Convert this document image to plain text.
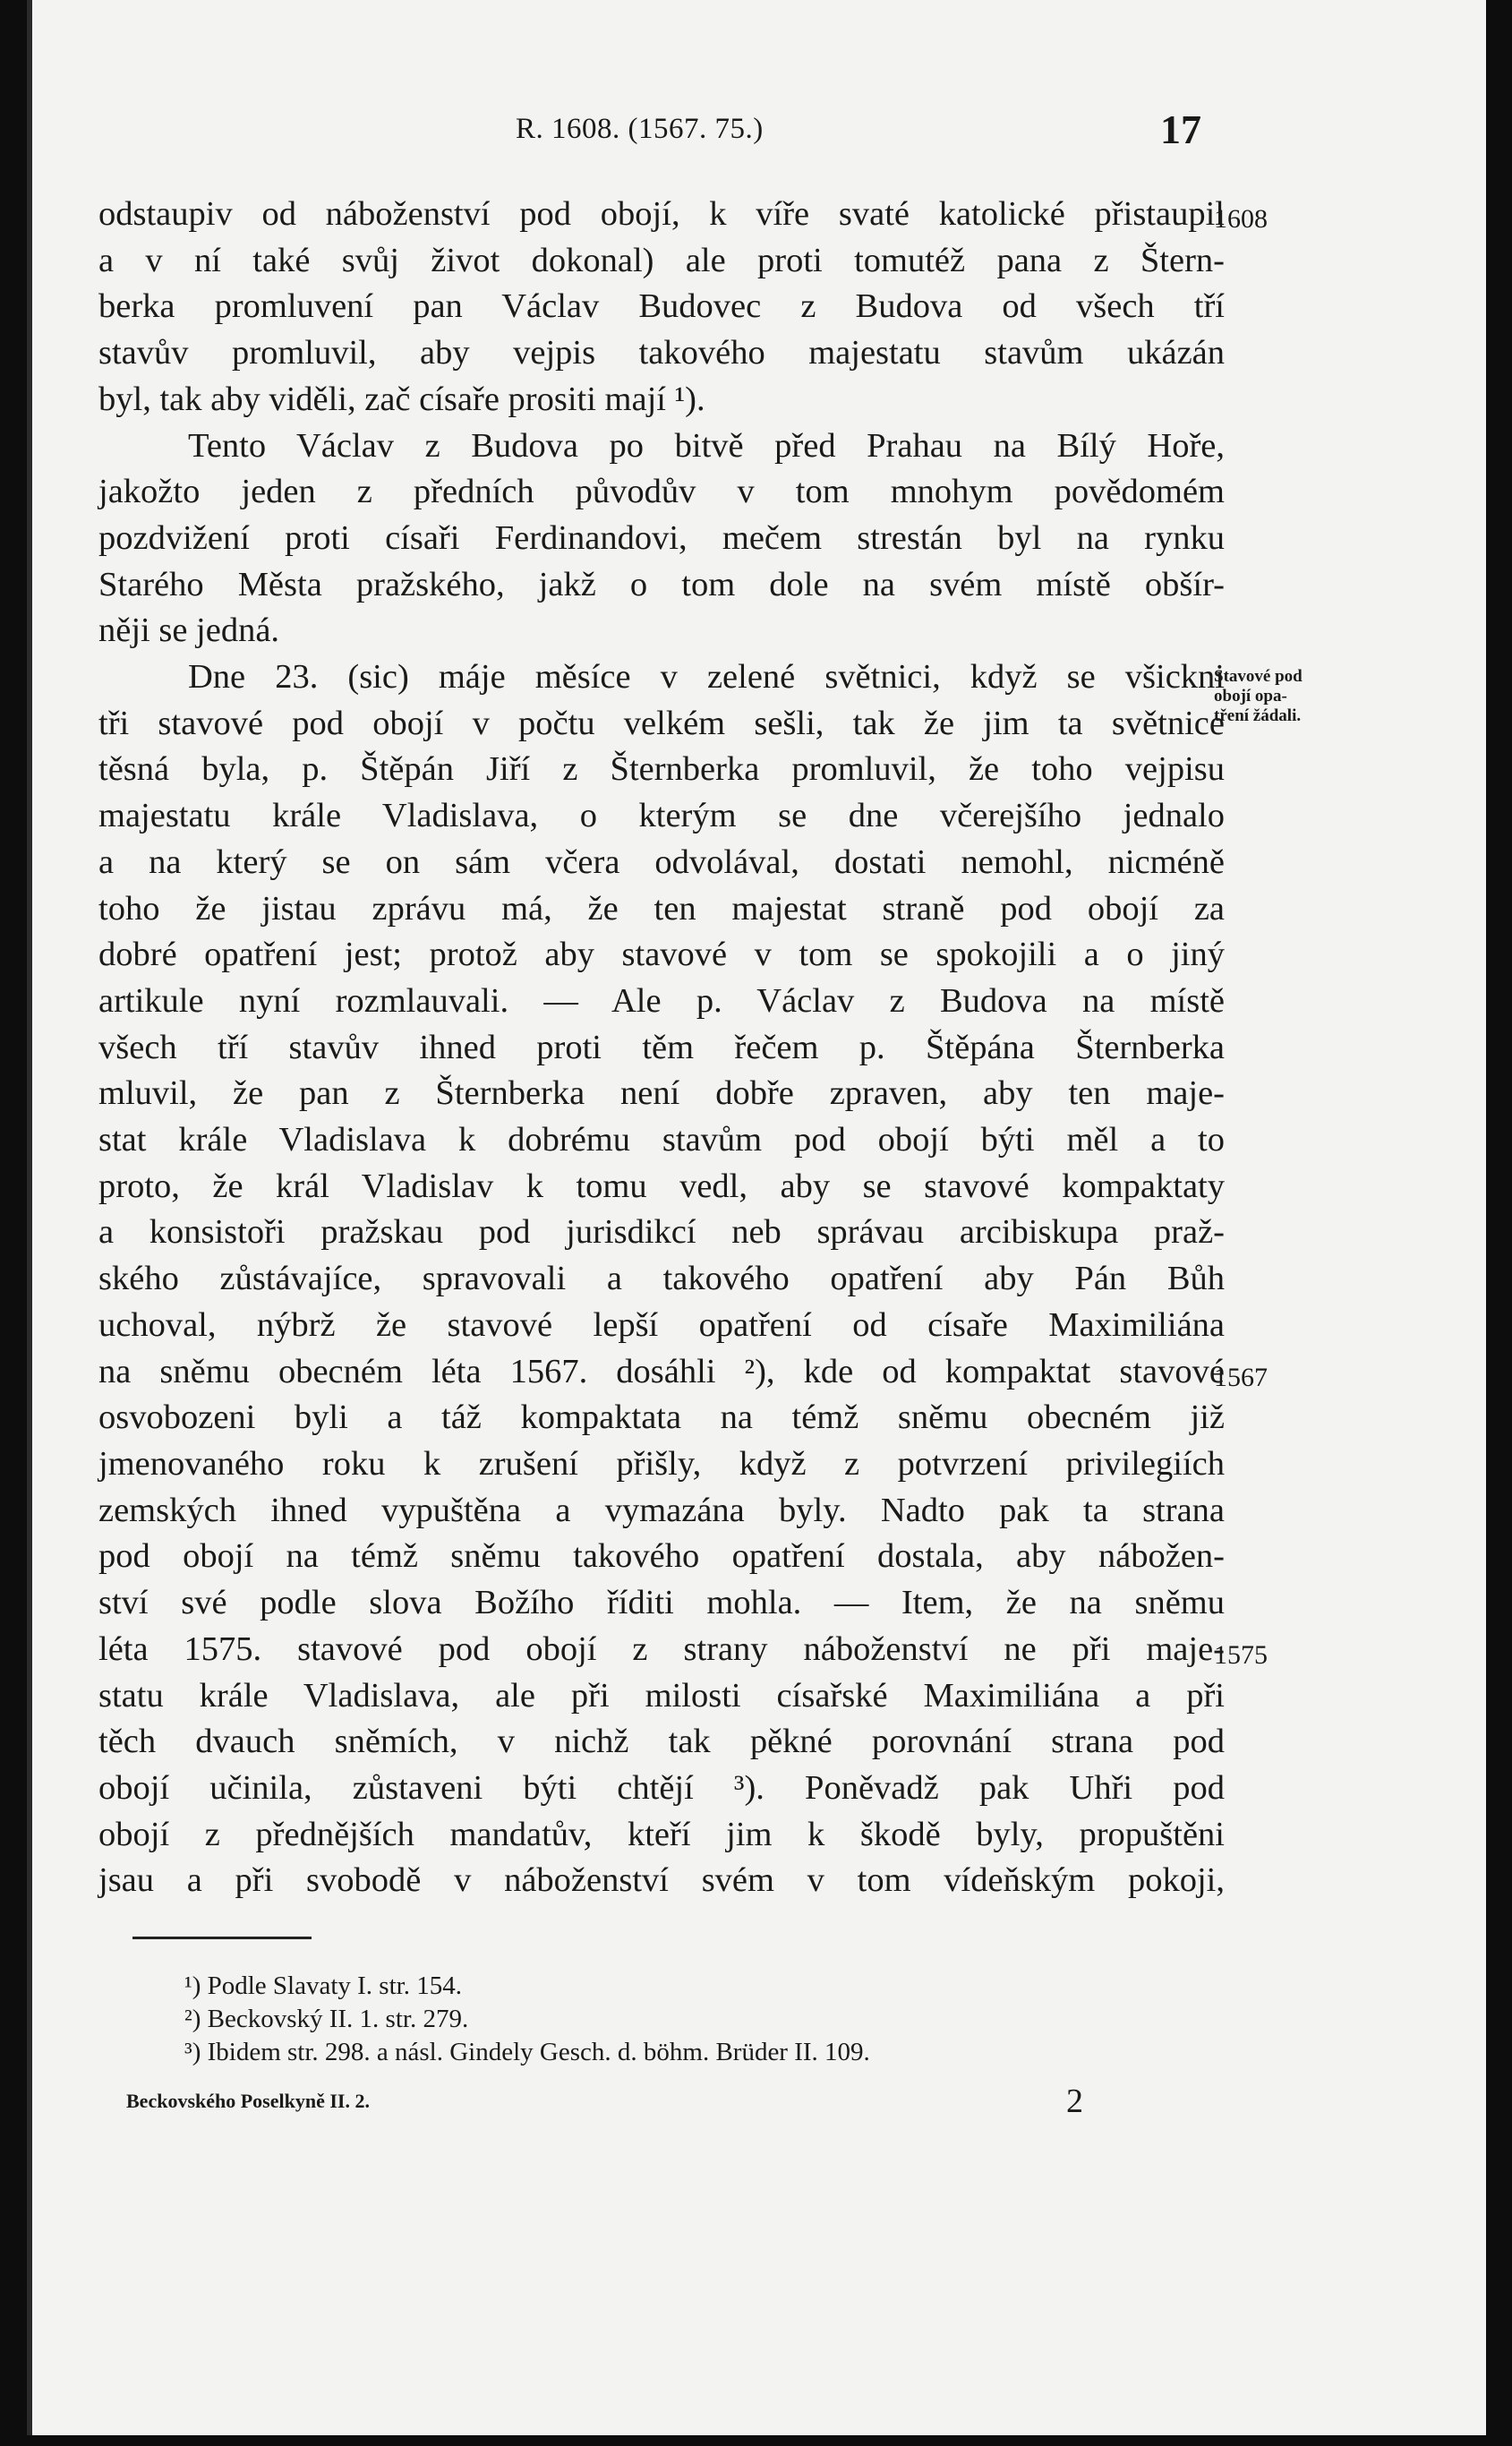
R. 1608. (1567. 75.)	17
odstaupiv od náboženství pod obojí, k víře svaté katolické přistaupil
a v ní také svůj život dokonal) ale proti tomutéž pana z Štern-
berka promluvení pan Václav Budovec z Budova od všech tří
stavův promluvil, aby vejpis takového majestatu stavům ukázán
byl, tak aby viděli, zač císaře prositi mají ¹).
Tento Václav z Budova po bitvě před Prahau na Bílý Hoře,
jakožto jeden z předních původův v tom mnohym povědomém
pozdvižení proti císaři Ferdinandovi, mečem strestán byl na rynku
Starého Města pražského, jakž o tom dole na svém místě obšír-
něji se jedná.
Dne 23. (sic) máje měsíce v zelené světnici, když se všickni
tři stavové pod obojí v počtu velkém sešli, tak že jim ta světnice
těsná byla, p. Štěpán Jiří z Šternberka promluvil, že toho vejpisu
majestatu krále Vladislava, o kterým se dne včerejšího jednalo
a na který se on sám včera odvolával, dostati nemohl, nicméně
toho že jistau zprávu má, že ten majestat straně pod obojí za
dobré opatření jest; protož aby stavové v tom se spokojili a o jiný
artikule nyní rozmlauvali. — Ale p. Václav z Budova na místě
všech tří stavův ihned proti těm řečem p. Štěpána Šternberka
mluvil, že pan z Šternberka není dobře zpraven, aby ten maje-
stat krále Vladislava k dobrému stavům pod obojí býti měl a to
proto, že král Vladislav k tomu vedl, aby se stavové kompaktaty
a konsistoři pražskau pod jurisdikcí neb správau arcibiskupa praž-
ského zůstávajíce, spravovali a takového opatření aby Pán Bůh
uchoval, nýbrž že stavové lepší opatření od císaře Maximiliána
na sněmu obecném léta 1567. dosáhli ²), kde od kompaktat stavové
osvobozeni byli a táž kompaktata na témž sněmu obecném již
jmenovaného roku k zrušení přišly, když z potvrzení privilegiích
zemských ihned vypuštěna a vymazána byly. Nadto pak ta strana
pod obojí na témž sněmu takového opatření dostala, aby nábožen-
ství své podle slova Božího říditi mohla. — Item, že na sněmu
léta 1575. stavové pod obojí z strany náboženství ne při maje-
statu krále Vladislava, ale při milosti císařské Maximiliána a při
těch dvauch sněmích, v nichž tak pěkné porovnání strana pod
obojí učinila, zůstaveni býti chtějí ³). Poněvadž pak Uhři pod
obojí z přednějších mandatův, kteří jim k škodě byly, propuštěni
jsau a při svobodě v náboženství svém v tom vídeňským pokoji,
1608
Stavové pod
obojí opa-
tření žádali.
1567
1575
¹) Podle Slavaty I. str. 154.
²) Beckovský II. 1. str. 279.
³) Ibidem str. 298. a násl. Gindely Gesch. d. böhm. Brüder II. 109.
Beckovského Poselkyně II. 2.	2
